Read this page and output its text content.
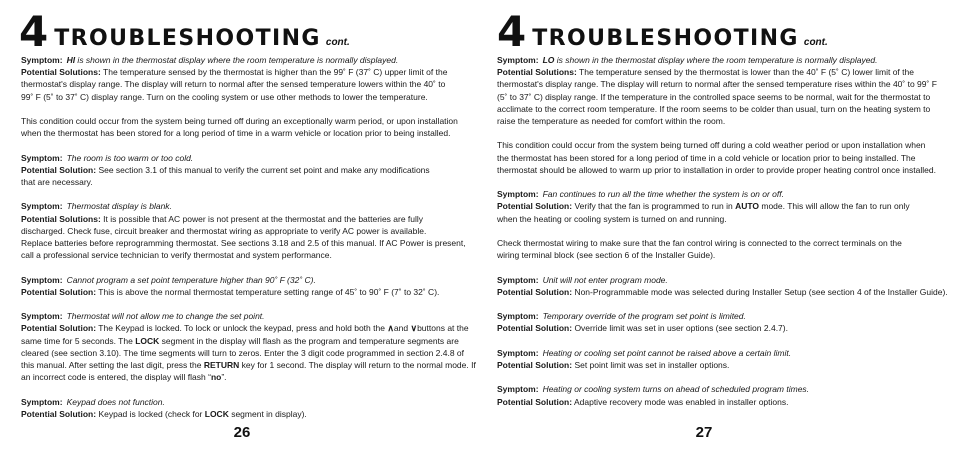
4 TROUBLESHOOTING cont.
Symptom: HI is shown in the thermostat display where the room temperature is normally displayed.
Potential Solutions: The temperature sensed by the thermostat is higher than the 99˚ F (37˚ C) upper limit of the
thermostat's display range. The display will return to normal after the sensed temperature lowers within the 40˚ to
99˚ F (5˚ to 37˚ C) display range. Turn on the cooling system or use other methods to lower the temperature.
This condition could occur from the system being turned off during an exceptionally warm period, or upon installation
when the thermostat has been stored for a long period of time in a warm vehicle or location prior to being installed.
Symptom: The room is too warm or too cold.
Potential Solution: See section 3.1 of this manual to verify the current set point and make any modifications
that are necessary.
Symptom: Thermostat display is blank.
Potential Solutions: It is possible that AC power is not present at the thermostat and the batteries are fully
discharged. Check fuse, circuit breaker and thermostat wiring as appropriate to verify AC power is available.
Replace batteries before reprogramming thermostat. See sections 3.18 and 2.5 of this manual. If AC Power is present,
call a professional service technician to verify thermostat and system performance.
Symptom: Cannot program a set point temperature higher than 90˚ F (32˚ C).
Potential Solution: This is above the normal thermostat temperature setting range of 45˚ to 90˚ F (7˚ to 32˚ C).
Symptom: Thermostat will not allow me to change the set point.
Potential Solution: The Keypad is locked. To lock or unlock the keypad, press and hold both the ∧and ∨buttons at the
same time for 5 seconds. The LOCK segment in the display will flash as the program and temperature segments are
cleared (see section 3.10). The time segments will turn to zeros. Enter the 3 digit code programmed in section 2.4.8 of
this manual. After setting the last digit, press the RETURN key for 1 second. The display will return to the normal mode. If
an incorrect code is entered, the display will flash “no”.
Symptom: Keypad does not function.
Potential Solution: Keypad is locked (check for LOCK segment in display).
26
4 TROUBLESHOOTING cont.
Symptom: LO is shown in the thermostat display where the room temperature is normally displayed.
Potential Solutions: The temperature sensed by the thermostat is lower than the 40˚ F (5˚ C) lower limit of the
thermostat's display range. The display will return to normal after the sensed temperature rises within the 40˚ to 99˚ F
(5˚ to 37˚ C) display range. If the temperature in the controlled space seems to be normal, wait for the thermostat to
acclimate to the correct room temperature. If the room seems to be colder than usual, turn on the heating system to
raise the temperature as needed for comfort within the room.
This condition could occur from the system being turned off during a cold weather period or upon installation when
the thermostat has been stored for a long period of time in a cold vehicle or location prior to being installed. The
thermostat should be allowed to warm up prior to installation in order to provide proper heating control once installed.
Symptom: Fan continues to run all the time whether the system is on or off.
Potential Solution: Verify that the fan is programmed to run in AUTO mode. This will allow the fan to run only
when the heating or cooling system is turned on and running.
Check thermostat wiring to make sure that the fan control wiring is connected to the correct terminals on the
wiring terminal block (see section 6 of the Installer Guide).
Symptom: Unit will not enter program mode.
Potential Solution: Non-Programmable mode was selected during Installer Setup (see section 4 of the Installer Guide).
Symptom: Temporary override of the program set point is limited.
Potential Solution: Override limit was set in user options (see section 2.4.7).
Symptom: Heating or cooling set point cannot be raised above a certain limit.
Potential Solution: Set point limit was set in installer options.
Symptom: Heating or cooling system turns on ahead of scheduled program times.
Potential Solution: Adaptive recovery mode was enabled in installer options.
27
